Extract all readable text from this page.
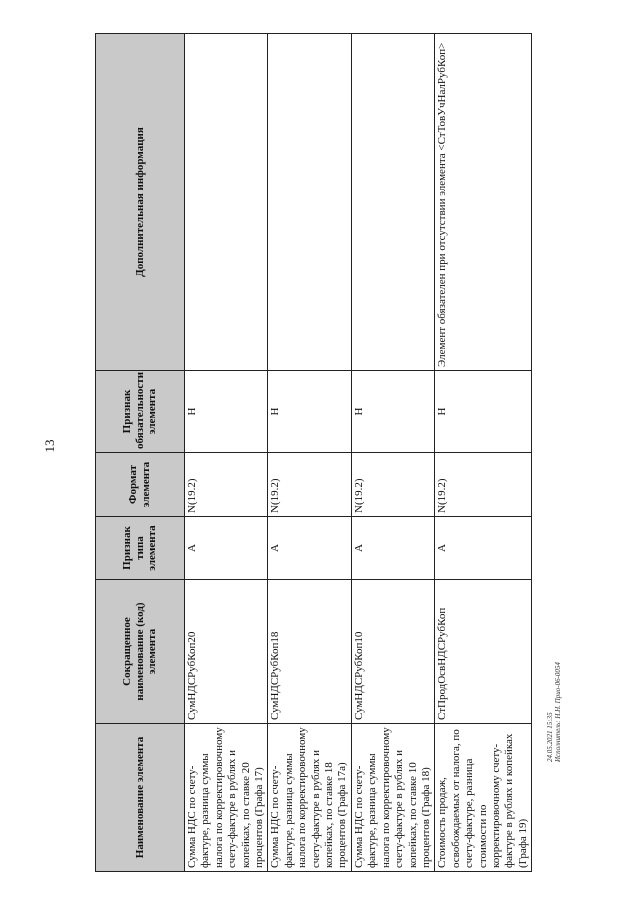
13
Наименование элемента	Сокращенное наименование (код) элемента	Признак типа элемента	Формат элемента	Признак обязательности элемента	Дополнительная информация
Сумма НДС по счету-фактуре, разница суммы налога по корректировочному счету-фактуре в рублях и копейках, по ставке 20 процентов (Графа 17)	СумНДСРубКоп20	А	N(19.2)	Н	
Сумма НДС по счету-фактуре, разница суммы налога по корректировочному счету-фактуре в рублях и копейках, по ставке 18 процентов (Графа 17а)	СумНДСРубКоп18	А	N(19.2)	Н	
Сумма НДС по счету-фактуре, разница суммы налога по корректировочному счету-фактуре в рублях и копейках, по ставке 10 процентов (Графа 18)	СумНДСРубКоп10	А	N(19.2)	Н	
Стоимость продаж, освобождаемых от налога, по счету-фактуре, разница стоимости по корректировочному счету-фактуре в рублях и копейках (Графа 19)	СтПродОсвНДСРубКоп	А	N(19.2)	Н	Элемент обязателен при отсутствии элемента <СтТовУчНалРубКоп>
24.05.2021 15:35 Исполнитель: Н.Н. Прио-06-0054
